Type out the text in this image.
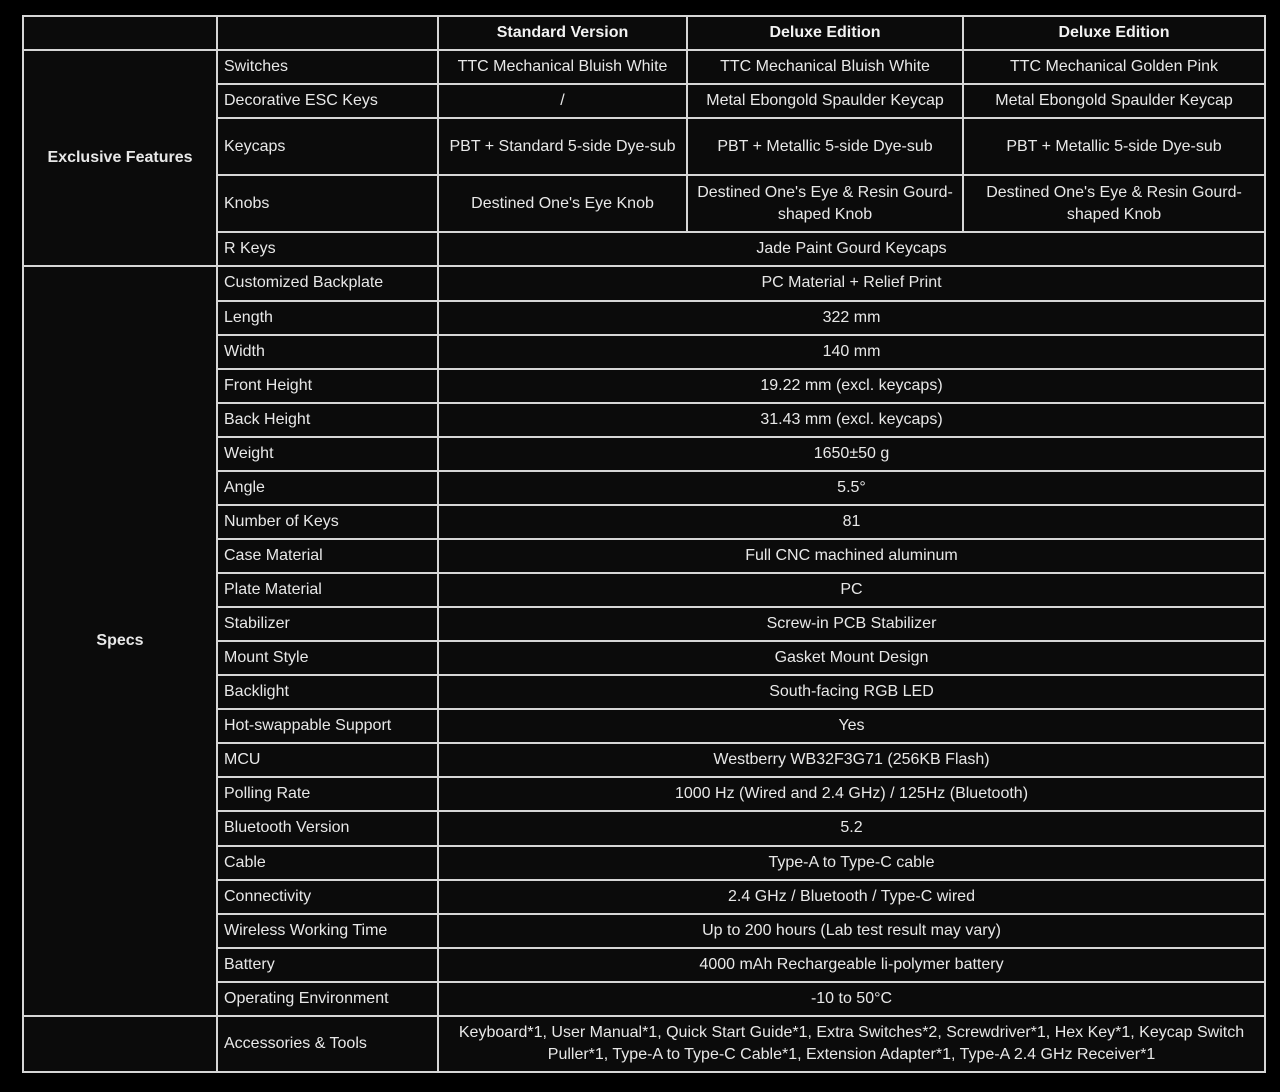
		Standard Version	Deluxe Edition	Deluxe Edition
Exclusive Features	Switches	TTC Mechanical Bluish White	TTC Mechanical Bluish White	TTC Mechanical Golden Pink
	Decorative ESC Keys	/	Metal Ebongold Spaulder Keycap	Metal Ebongold Spaulder Keycap
	Keycaps	PBT + Standard 5-side Dye-sub	PBT + Metallic 5-side Dye-sub	PBT + Metallic 5-side Dye-sub
	Knobs	Destined One's Eye Knob	Destined One's Eye & Resin Gourd-shaped Knob	Destined One's Eye & Resin Gourd-shaped Knob
	R Keys	Jade Paint Gourd Keycaps		
Specs	Customized Backplate	PC Material + Relief Print		
	Length	322 mm		
	Width	140 mm		
	Front Height	19.22 mm (excl. keycaps)		
	Back Height	31.43 mm (excl. keycaps)		
	Weight	1650±50 g		
	Angle	5.5°		
	Number of Keys	81		
	Case Material	Full CNC machined aluminum		
	Plate Material	PC		
	Stabilizer	Screw-in PCB Stabilizer		
	Mount Style	Gasket Mount Design		
	Backlight	South-facing RGB LED		
	Hot-swappable Support	Yes		
	MCU	Westberry WB32F3G71 (256KB Flash)		
	Polling Rate	1000 Hz (Wired and 2.4 GHz) / 125Hz (Bluetooth)		
	Bluetooth Version	5.2		
	Cable	Type-A to Type-C cable		
	Connectivity	2.4 GHz / Bluetooth / Type-C wired		
	Wireless Working Time	Up to 200 hours (Lab test result may vary)		
	Battery	4000 mAh Rechargeable li-polymer battery		
	Operating Environment	-10 to 50°C		
	Accessories & Tools	Keyboard*1, User Manual*1, Quick Start Guide*1, Extra Switches*2, Screwdriver*1, Hex Key*1, Keycap Switch Puller*1, Type-A to Type-C Cable*1, Extension Adapter*1, Type-A 2.4 GHz Receiver*1		
